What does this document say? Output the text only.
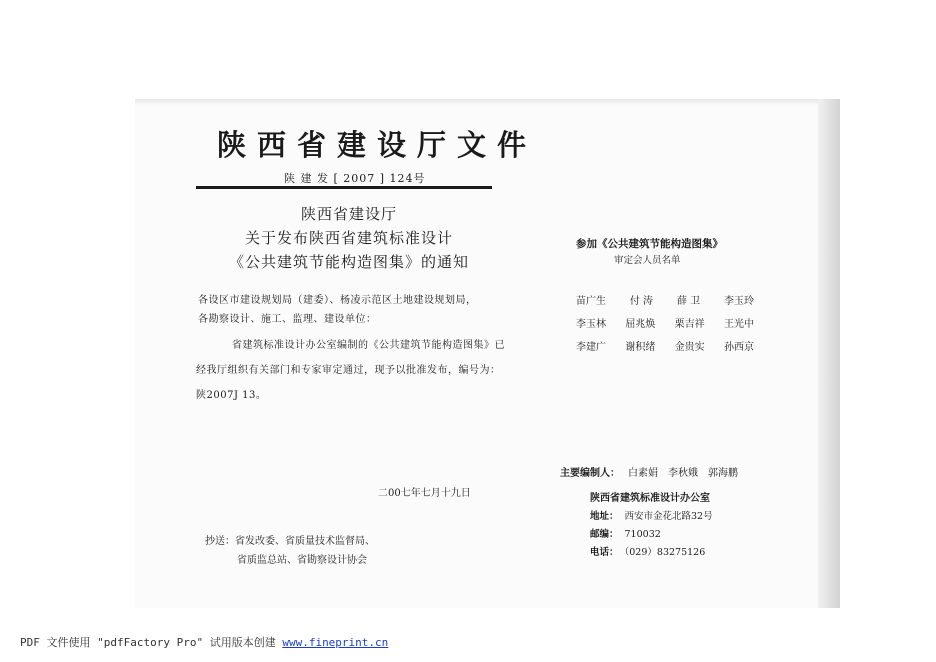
陕西省建设厅文件
陕 建 发 [ 2007 ] 124号
陕西省建设厅
关于发布陕西省建筑标准设计
《公共建筑节能构造图集》的通知
各设区市建设规划局（建委）、杨凌示范区土地建设规划局，
各勘察设计、施工、监理、建设单位：
省建筑标准设计办公室编制的《公共建筑节能构造图集》已
经我厅组织有关部门和专家审定通过，现予以批准发布，编号为：
陕2007J 13。
二00七年七月十九日
抄送：省发改委、省质量技术监督局、
省质监总站、省勘察设计协会
参加《公共建筑节能构造图集》
审定会人员名单
苗广生 付 涛 薛 卫 李玉玲
李玉林 屈兆焕 栗吉祥 王光中
李建广 谢积绪 金贵实 孙西京
主要编制人： 白素娟 李秋娥 郭海鹏
陕西省建筑标准设计办公室
地址： 西安市金花北路32号
邮编： 710032
电话： （029）83275126
PDF 文件使用 "pdfFactory Pro" 试用版本创建 www.fineprint.cn
